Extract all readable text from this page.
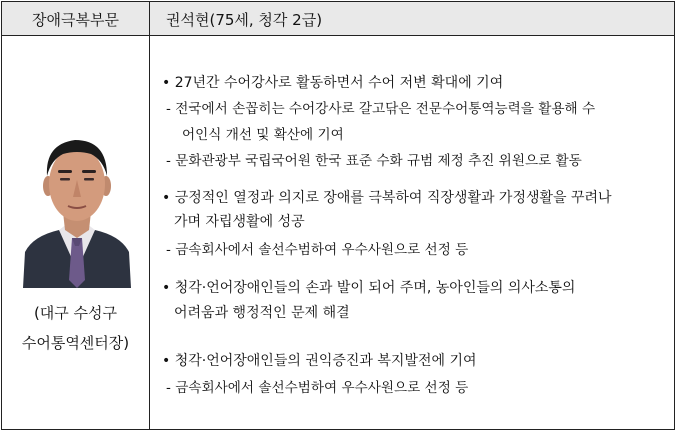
장애극복부문	권석현(75세, 청각 2급)
(대구 수성구
수어통역센터장)
• 27년간 수어강사로 활동하면서 수어 저변 확대에 기여
- 전국에서 손꼽히는 수어강사로 갈고닦은 전문수어통역능력을 활용해 수
어인식 개선 및 확산에 기여
- 문화관광부 국립국어원 한국 표준 수화 규범 제정 추진 위원으로 활동
• 긍정적인 열정과 의지로 장애를 극복하여 직장생활과 가정생활을 꾸려나
가며 자립생활에 성공
- 금속회사에서 솔선수범하여 우수사원으로 선정 등
• 청각·언어장애인들의 손과 발이 되어 주며, 농아인들의 의사소통의
어려움과 행정적인 문제 해결
• 청각·언어장애인들의 권익증진과 복지발전에 기여
- 금속회사에서 솔선수범하여 우수사원으로 선정 등
